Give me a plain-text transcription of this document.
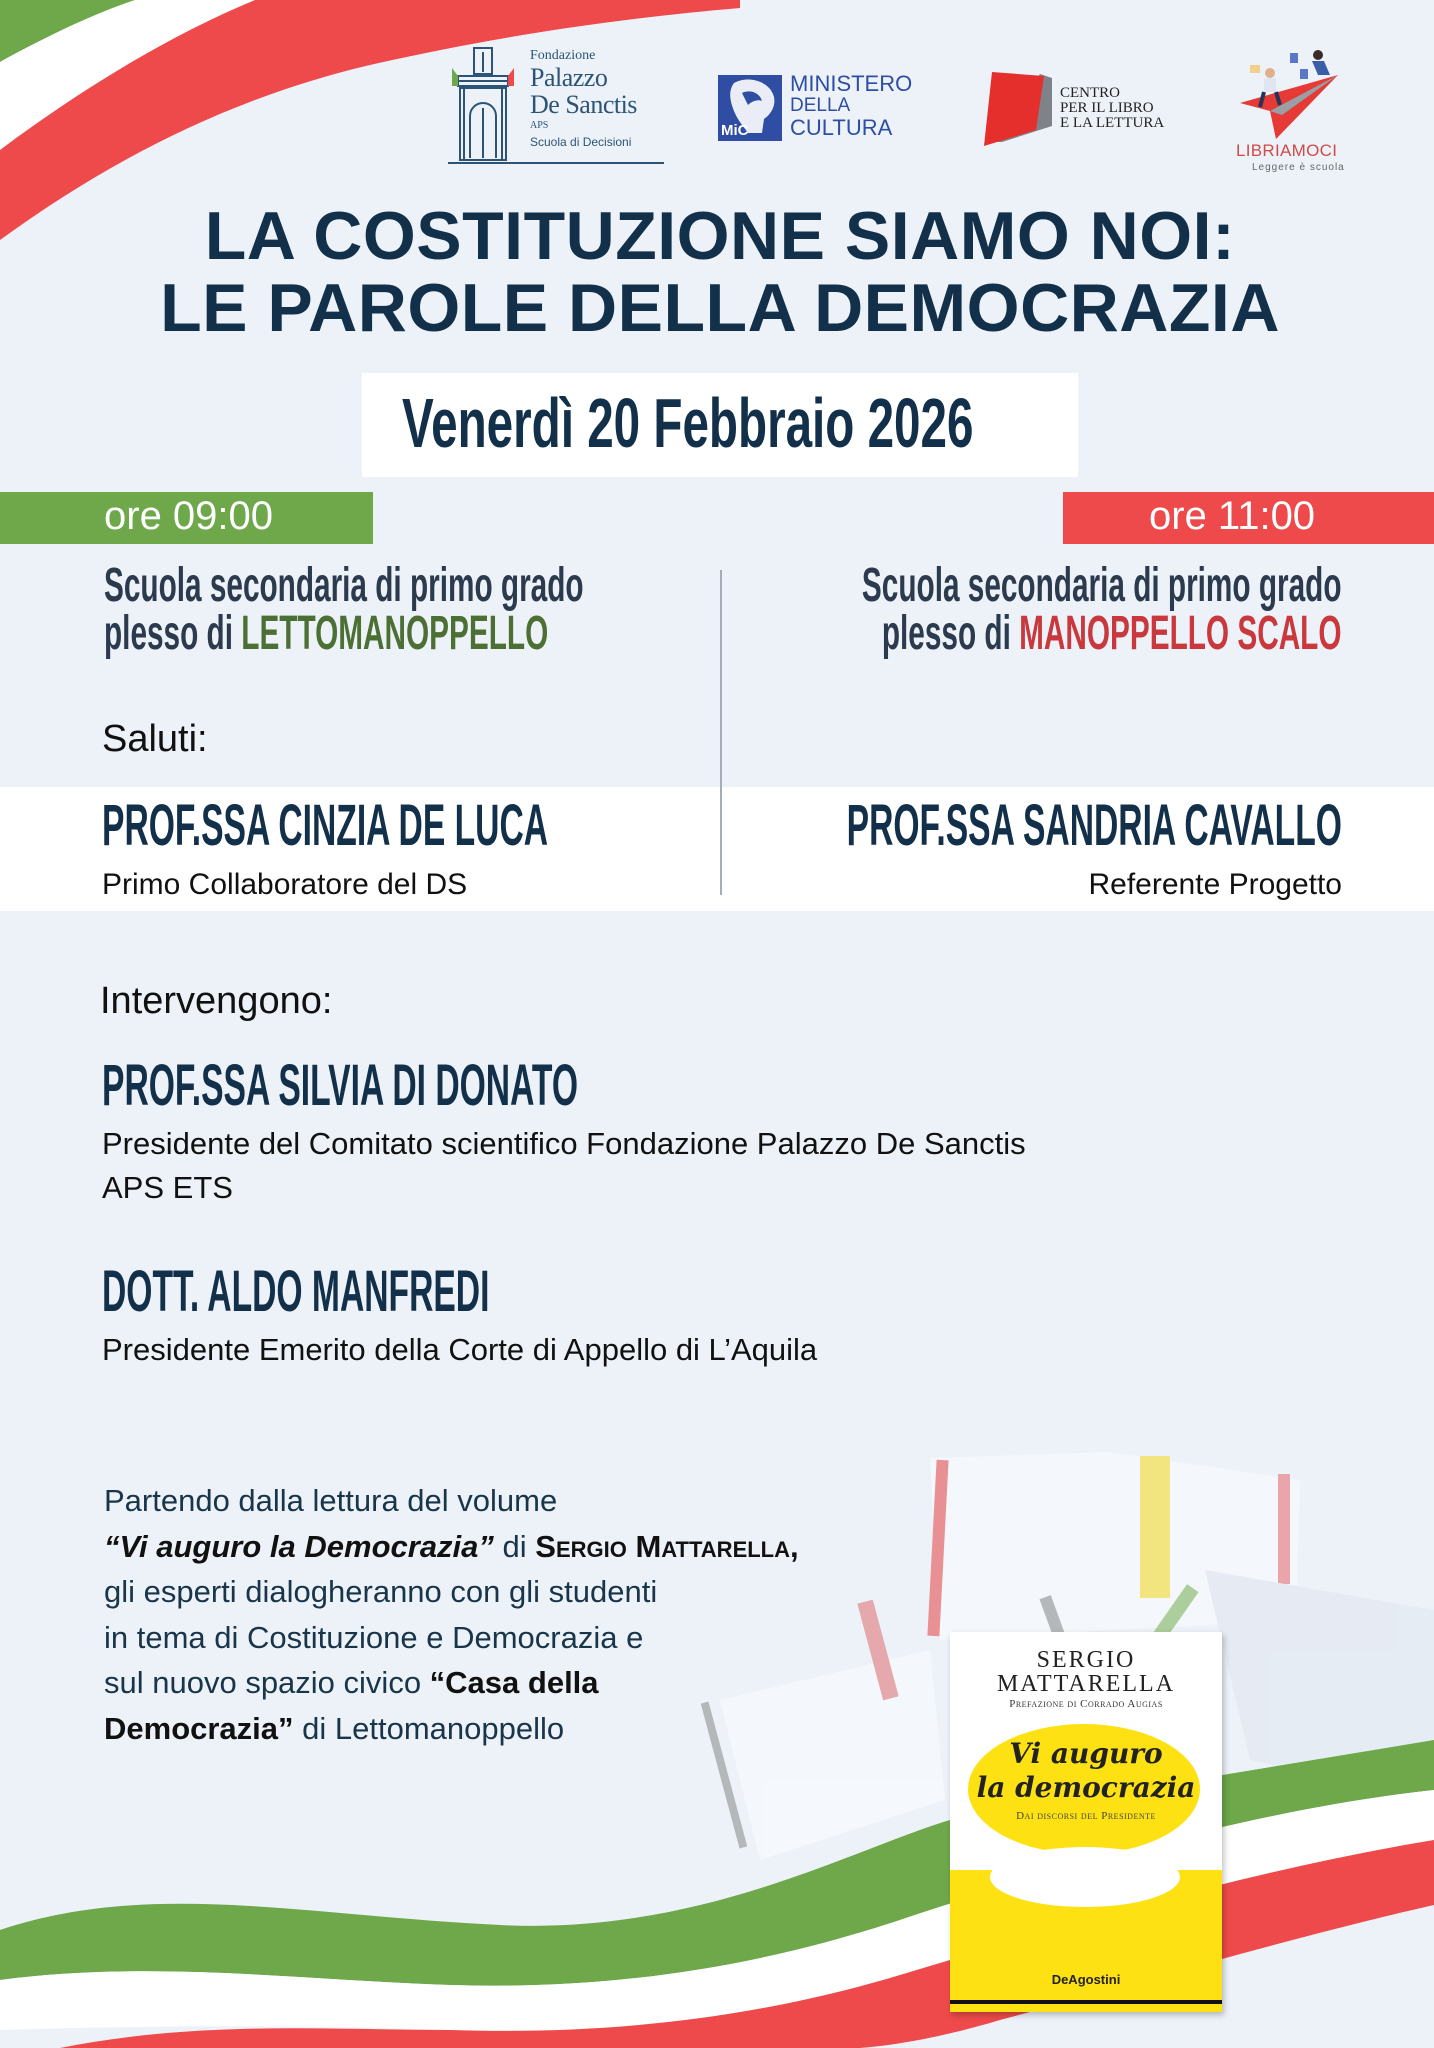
Fondazione
Palazzo
De Sanctis
APS
Scuola di Decisioni
MiC
MINISTERO
DELLA
CULTURA
CENTRO
PER IL LIBRO
E LA LETTURA
LIBRIAMOCI
Leggere è scuola
LA COSTITUZIONE SIAMO NOI:
LE PAROLE DELLA DEMOCRAZIA
Venerdì 20 Febbraio 2026
ore 09:00	ore 11:00
Scuola secondaria di primo grado
plesso di LETTOMANOPPELLO
Scuola secondaria di primo grado
plesso di MANOPPELLO SCALO
Saluti:
PROF.SSA CINZIA DE LUCA
Primo Collaboratore del DS
PROF.SSA SANDRIA CAVALLO
Referente Progetto
Intervengono:
PROF.SSA SILVIA DI DONATO
Presidente del Comitato scientifico Fondazione Palazzo De Sanctis
APS ETS
DOTT. ALDO MANFREDI
Presidente Emerito della Corte di Appello di L’Aquila
Partendo dalla lettura del volume
“Vi auguro la Democrazia” di Sergio Mattarella,
gli esperti dialogheranno con gli studenti
in tema di Costituzione e Democrazia e
sul nuovo spazio civico “Casa della
Democrazia” di Lettomanoppello
SERGIO
MATTARELLA
Prefazione di Corrado Augias
Vi auguro
la democrazia
Dai discorsi del Presidente
DeAgostini
